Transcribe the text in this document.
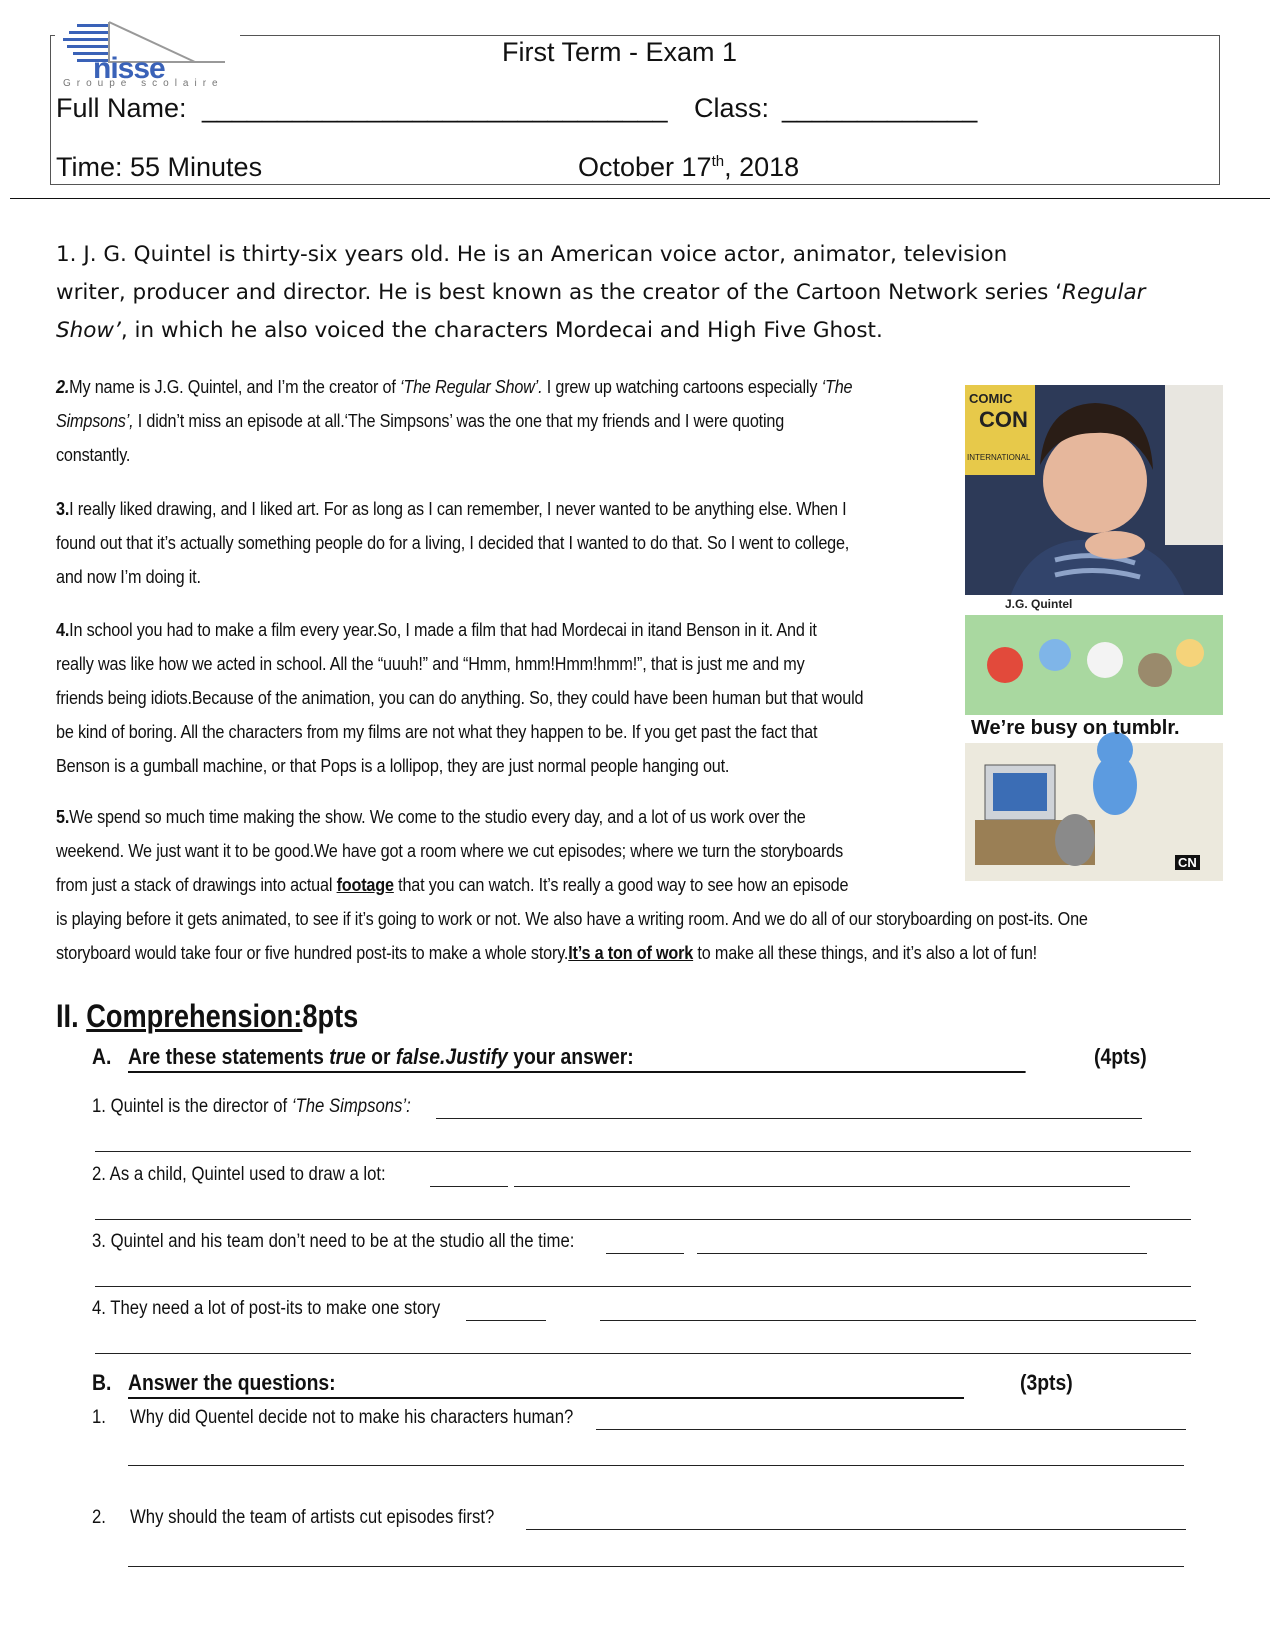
nisse
Groupe scolaire
First Term - Exam 1
Full Name: _______________________________ Class: _____________
Time: 55 Minutes	October 17th, 2018
1. J. G. Quintel is thirty-six years old. He is an American voice actor, animator, television
writer, producer and director. He is best known as the creator of the Cartoon Network series ‘Regular
Show’, in which he also voiced the characters Mordecai and High Five Ghost.
2.My name is J.G. Quintel, and I’m the creator of ‘The Regular Show’. I grew up watching cartoons especially ‘The
Simpsons’, I didn’t miss an episode at all.‘The Simpsons’ was the one that my friends and I were quoting
constantly.
3.I really liked drawing, and I liked art. For as long as I can remember, I never wanted to be anything else. When I
found out that it’s actually something people do for a living, I decided that I wanted to do that. So I went to college,
and now I’m doing it.
4.In school you had to make a film every year.So, I made a film that had Mordecai in itand Benson in it. And it
really was like how we acted in school. All the “uuuh!” and “Hmm, hmm!Hmm!hmm!”, that is just me and my
friends being idiots.Because of the animation, you can do anything. So, they could have been human but that would
be kind of boring. All the characters from my films are not what they happen to be. If you get past the fact that
Benson is a gumball machine, or that Pops is a lollipop, they are just normal people hanging out.
5.We spend so much time making the show. We come to the studio every day, and a lot of us work over the
weekend. We just want it to be good.We have got a room where we cut episodes; where we turn the storyboards
from just a stack of drawings into actual footage that you can watch. It’s really a good way to see how an episode
is playing before it gets animated, to see if it’s going to work or not. We also have a writing room. And we do all of our storyboarding on post-its. One
storyboard would take four or five hundred post-its to make a whole story.It’s a ton of work to make all these things, and it’s also a lot of fun!
COMIC
CON
INTERNATIONAL
J.G. Quintel
We’re busy on tumblr.
CN
II. Comprehension:8pts
A. Are these statements true or false.Justify your answer:	(4pts)
1. Quintel is the director of ‘The Simpsons’:
2. As a child, Quintel used to draw a lot:
3. Quintel and his team don’t need to be at the studio all the time:
4. They need a lot of post-its to make one story
B. Answer the questions:	(3pts)
1. Why did Quentel decide not to make his characters human?
2. Why should the team of artists cut episodes first?
